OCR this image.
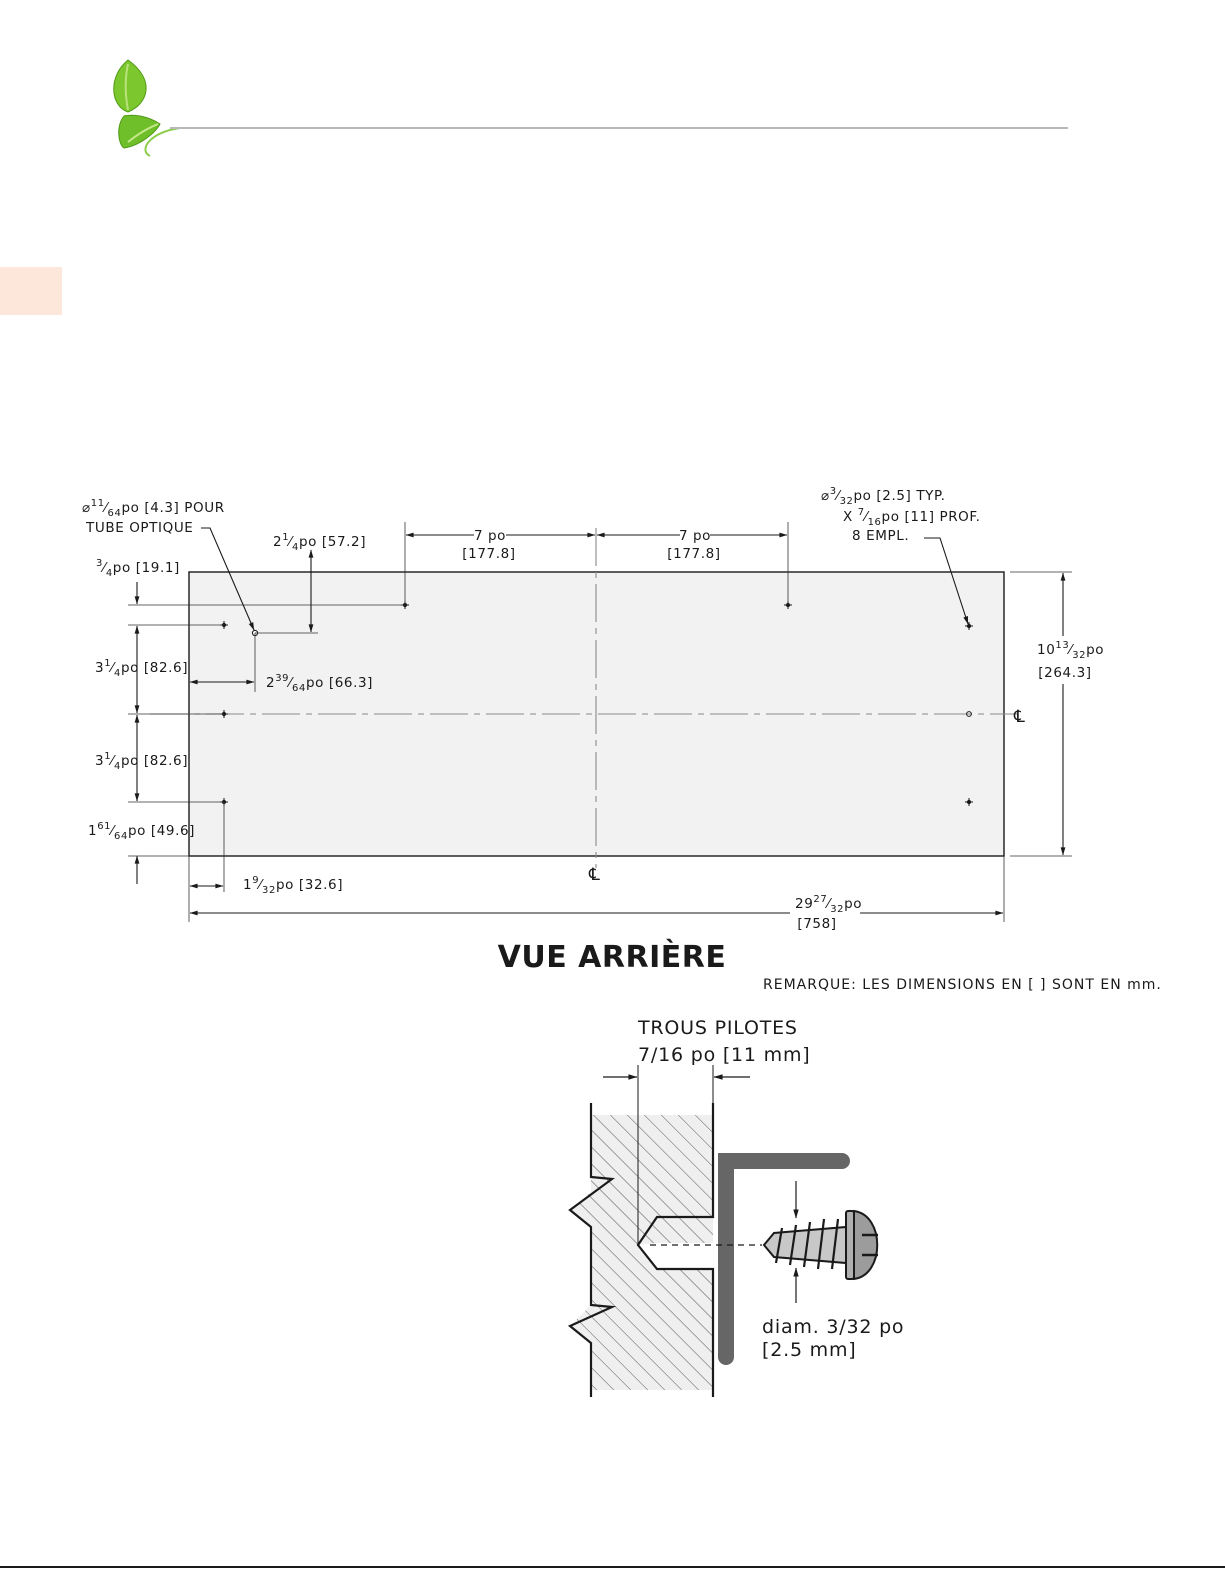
℄
℄
$⌀^{11}⁄_{64}po$ [4.3] POUR
TUBE OPTIQUE
$⌀^3⁄_{32}po$ [2.5] TYP.
X $^7⁄_{16}po$ [11] PROF.
8 EMPL.
$^3⁄_4po$ [19.1]
$2^1⁄_4po$ [57.2]	7 po
[177.8]
7 po
[177.8]
$10^{13}⁄_{32}po$
[264.3]
$3^1⁄_4po$ [82.6]
$2^{39}⁄_{64}po$ [66.3]
$3^1⁄_4po$ [82.6]
$1^{61}⁄_{64}po$ [49.6]
$1^9⁄_{32}po$ [32.6]
$29^{27}⁄_{32}po$
[758]
VUE ARRIÈRE
REMARQUE: LES DIMENSIONS EN [ ] SONT EN mm.
TROUS PILOTES
7/16 po [11 mm]
diam. 3/32 po
[2.5 mm]
